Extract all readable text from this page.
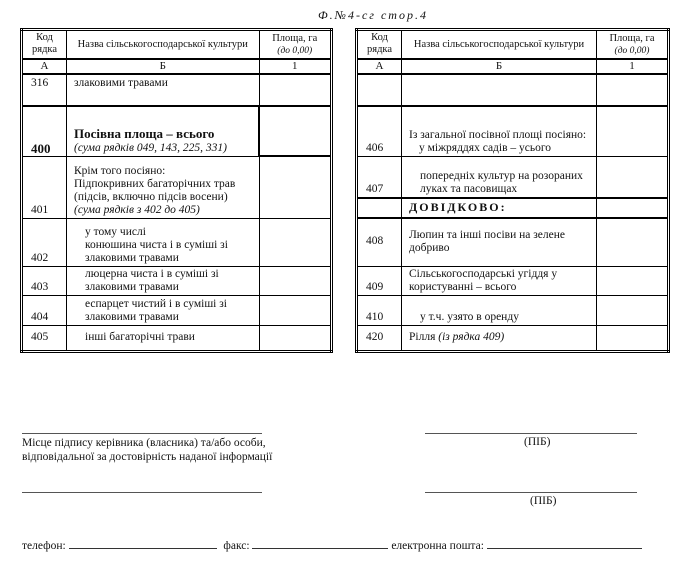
Ф.№4-сг стор.4
Код рядка	Назва сільськогосподарської культури	Площа, га
(до 0,00)
А	Б	1
316	злаковими травами	
400	Посівна площа – всього
(сума рядків 049, 143, 225, 331)	
401	Крім того посіяно:
Підпокривних багаторічних трав
(підсів, включно підсів восени)
(сума рядків з 402 до 405)	
402	у тому числі
конюшина чиста і в суміші зі
злаковими травами	
403	люцерна чиста і в суміші зі
злаковими травами	
404	еспарцет чистий і в суміші зі
злаковими травами	
405	інші багаторічні трави	
Код рядка	Назва сільськогосподарської культури	Площа, га
(до 0,00)
А	Б	1

406	Із загальної посівної площі посіяно:
у міжряддях садів – усього	

407	попередніх культур на розораних
луках та пасовищах	
	ДОВІДКОВО:	
408	Люпин та інші посіви на зелене добриво	
409	Сільськогосподарські угіддя у
користуванні – всього	
410	у т.ч. узято в оренду	
420	Рілля (із рядка 409)	
Місце підпису керівника (власника) та/або особи,
відповідальної за достовірність наданої інформації
(ПІБ)
(ПІБ)
телефон:	факс:	електронна пошта:
